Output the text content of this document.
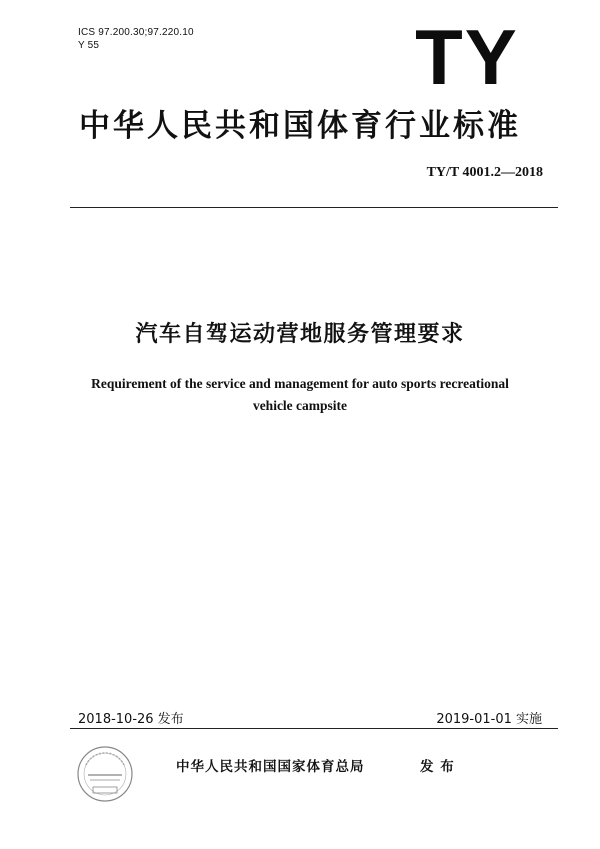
ICS 97.200.30;97.220.10
Y 55	TY
中华人民共和国体育行业标准
TY/T 4001.2—2018
汽车自驾运动营地服务管理要求
Requirement of the service and management for auto sports recreational
vehicle campsite
2018-10-26 发布	2019-01-01 实施
中华人民共和国国家体育总局	发 布
